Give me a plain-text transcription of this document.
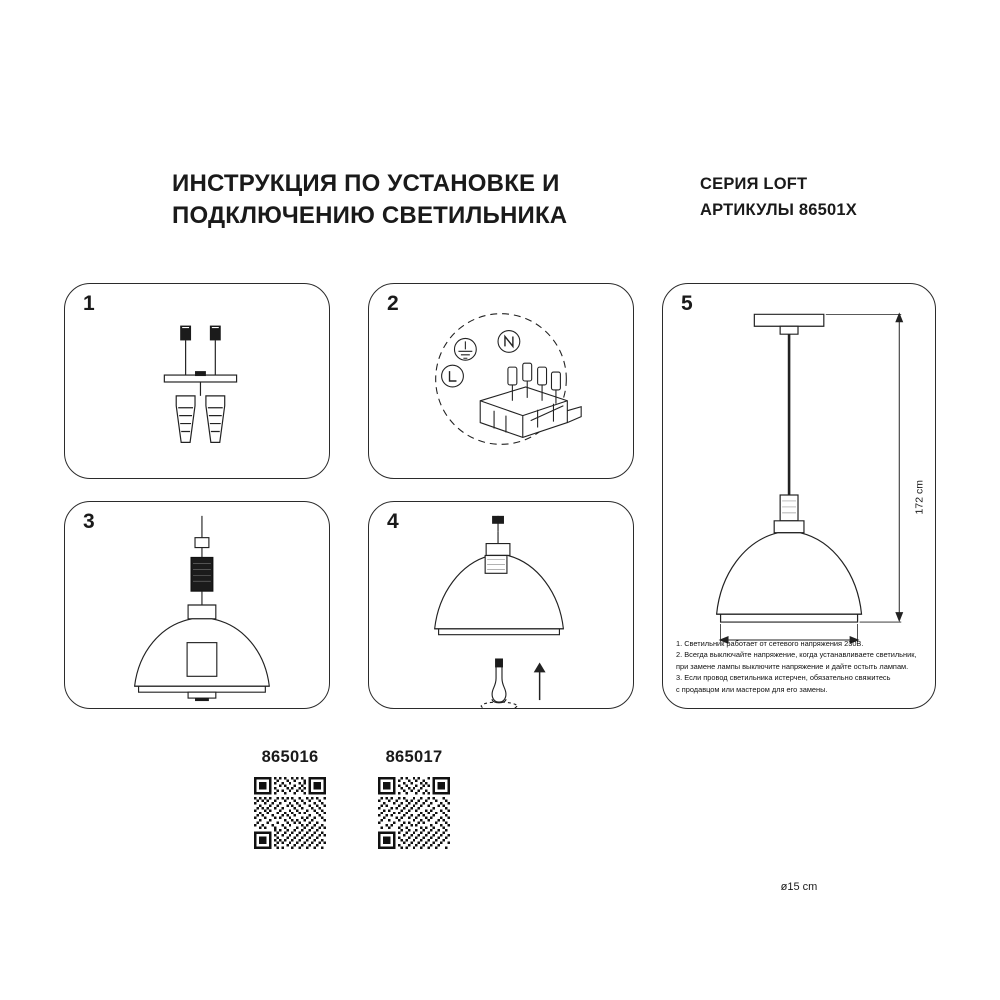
ИНСТРУКЦИЯ ПО УСТАНОВКЕ И ПОДКЛЮЧЕНИЮ СВЕТИЛЬНИКА
СЕРИЯ LOFT
АРТИКУЛЫ 86501X
1	2
3	4
5
172 cm
ø15 cm

1. Светильник работает от сетевого напряжения 230В.

2. Всегда выключайте напряжение, когда устанавливаете светильник,

при замене лампы выключите напряжение и дайте остыть лампам.

3. Если провод светильника истерчен, обязательно свяжитесь

с продавцом или мастером для его замены.

865016	865017
